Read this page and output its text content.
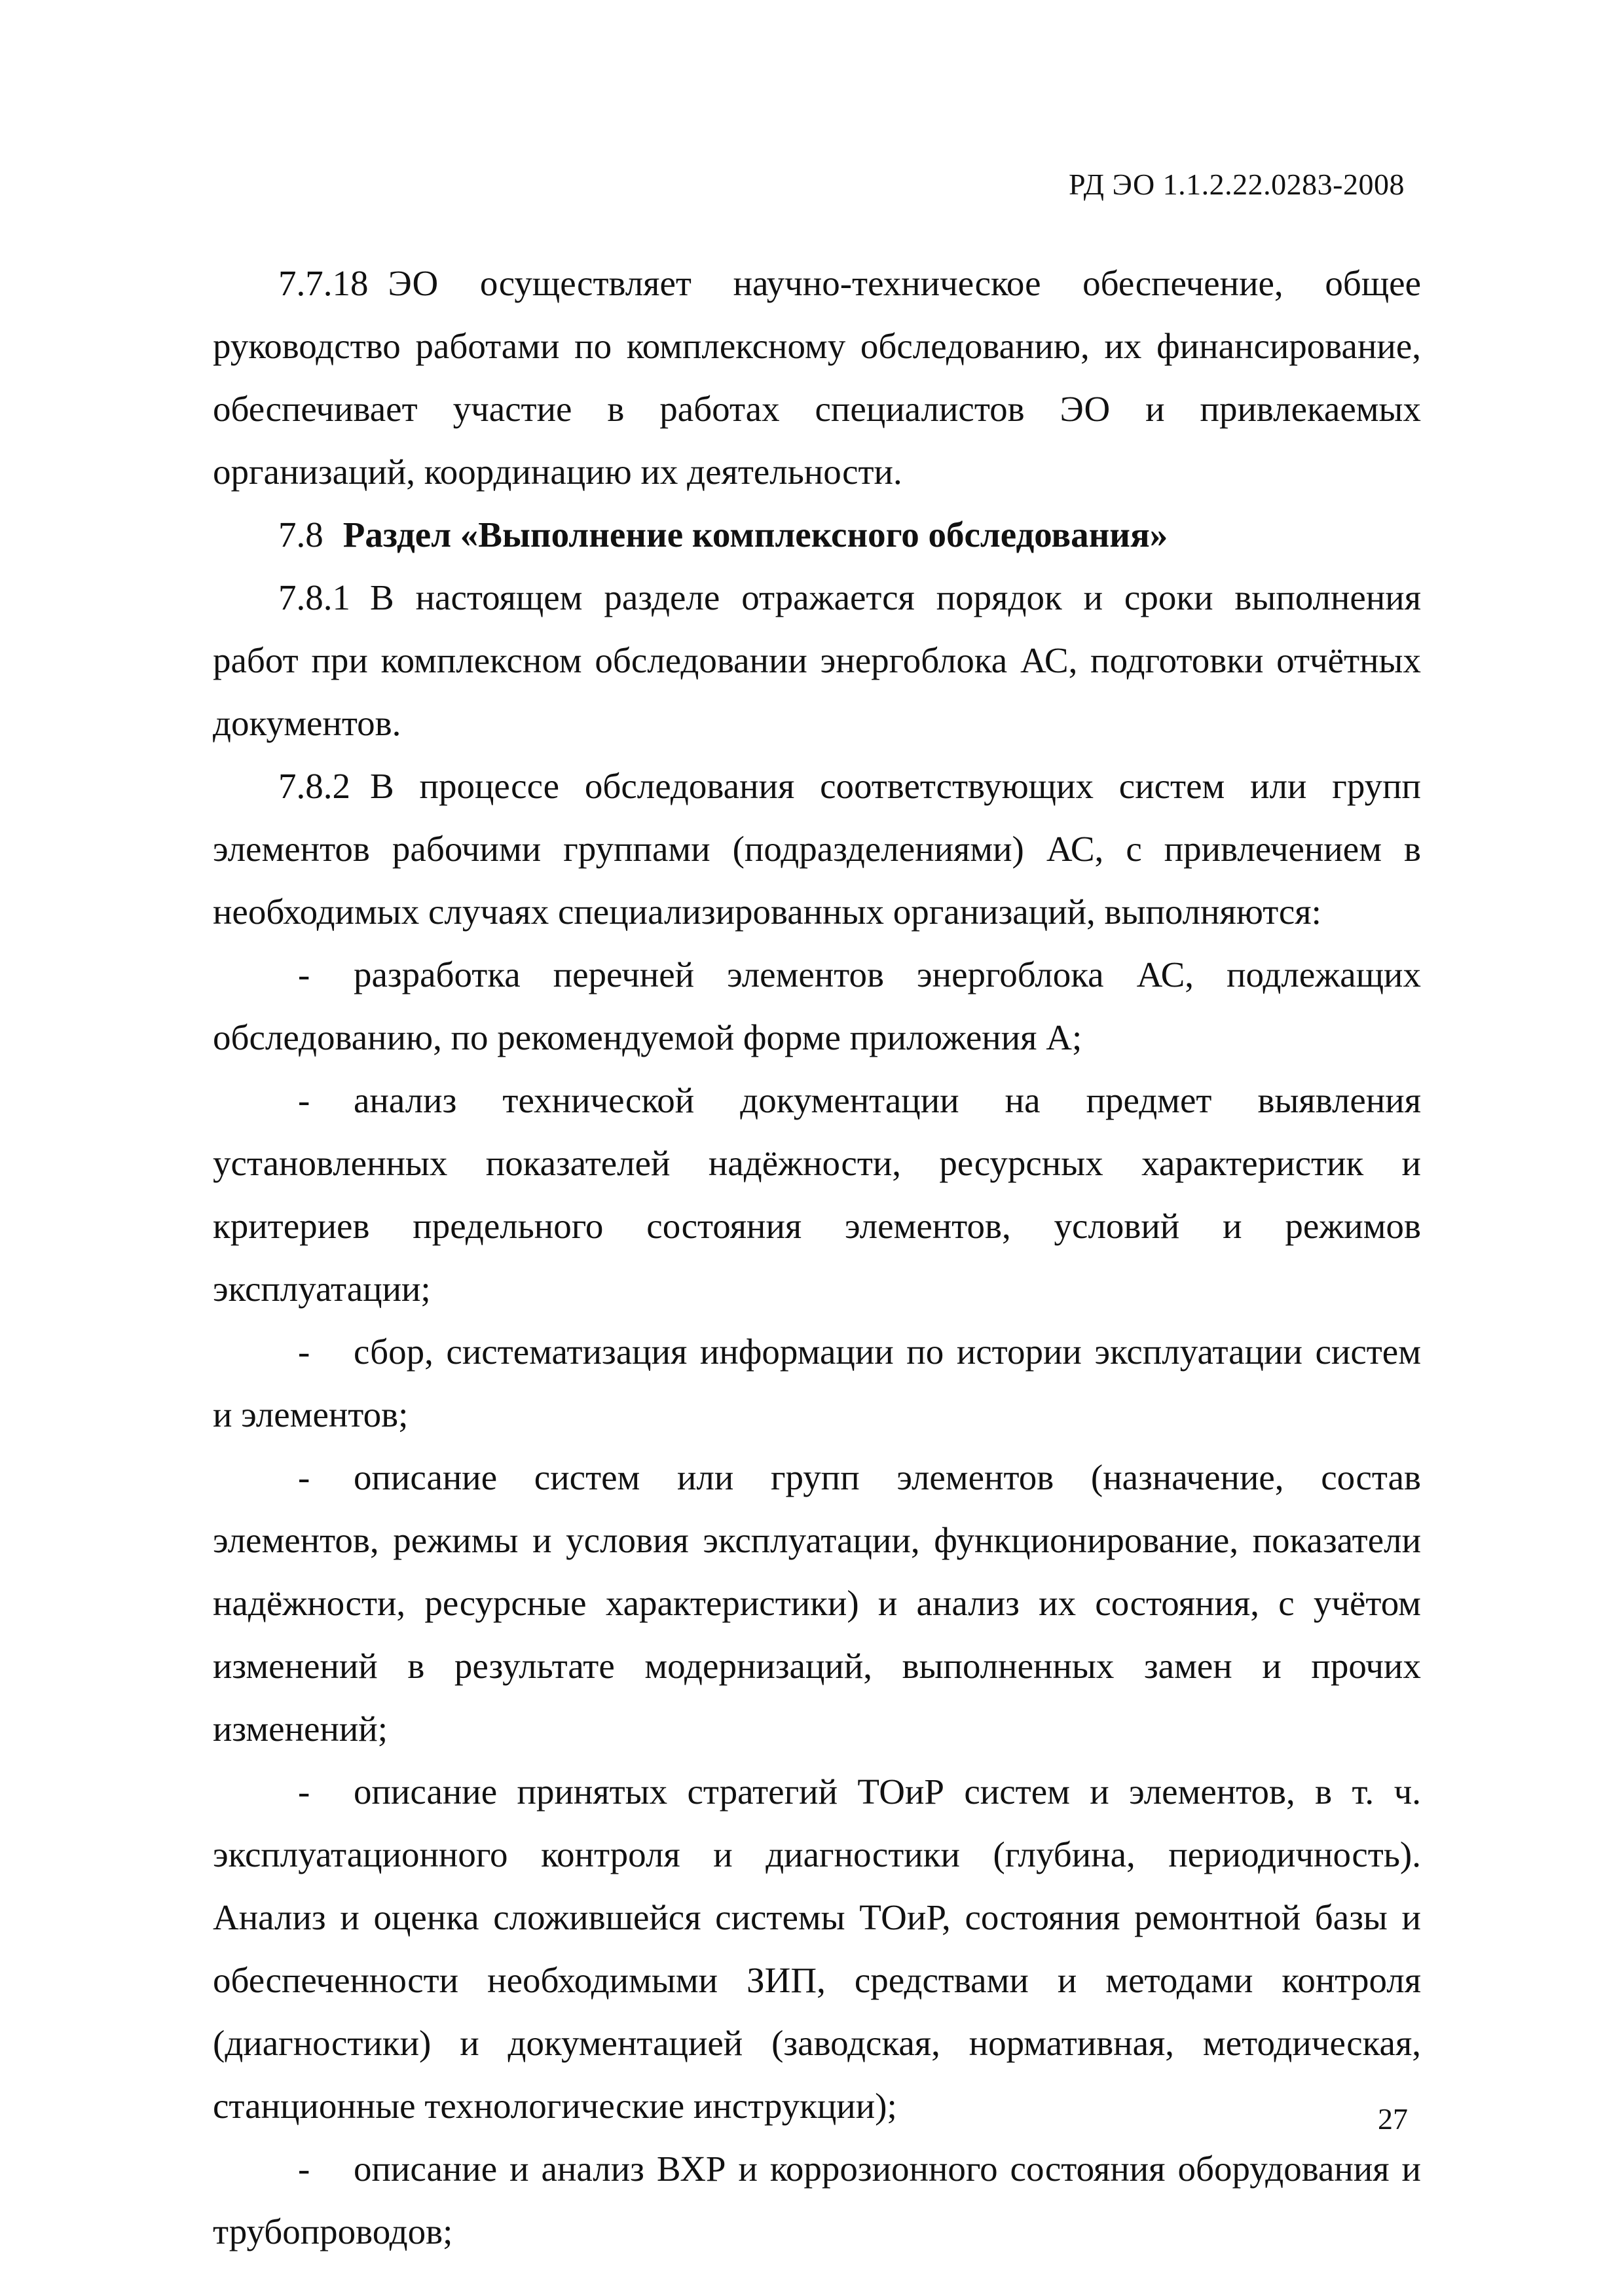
РД ЭО 1.1.2.22.0283-2008

7.7.18 ЭО осуществляет научно-техническое обеспечение, общее руководство работами по комплексному обследованию, их финансирование, обеспечивает участие в работах специалистов ЭО и привлекаемых организаций, координацию их деятельности.

7.8 Раздел «Выполнение комплексного обследования»

7.8.1 В настоящем разделе отражается порядок и сроки выполнения работ при комплексном обследовании энергоблока АС, подготовки отчётных документов.

7.8.2 В процессе обследования соответствующих систем или групп элементов рабочими группами (подразделениями) АС, с привлечением в необходимых случаях специализированных организаций, выполняются:

- разработка перечней элементов энергоблока АС, подлежащих обследованию, по рекомендуемой форме приложения А;

- анализ технической документации на предмет выявления установленных показателей надёжности, ресурсных характеристик и критериев предельного состояния элементов, условий и режимов эксплуатации;

- сбор, систематизация информации по истории эксплуатации систем и элементов;

- описание систем или групп элементов (назначение, состав элементов, режимы и условия эксплуатации, функционирование, показатели надёжности, ресурсные характеристики) и анализ их состояния, с учётом изменений в результате модернизаций, выполненных замен и прочих изменений;

- описание принятых стратегий ТОиР систем и элементов, в т. ч. эксплуатационного контроля и диагностики (глубина, периодичность). Анализ и оценка сложившейся системы ТОиР, состояния ремонтной базы и обеспеченности необходимыми ЗИП, средствами и методами контроля (диагностики) и документацией (заводская, нормативная, методическая, станционные технологические инструкции);

- описание и анализ ВХР и коррозионного состояния оборудования и трубопроводов;

27
